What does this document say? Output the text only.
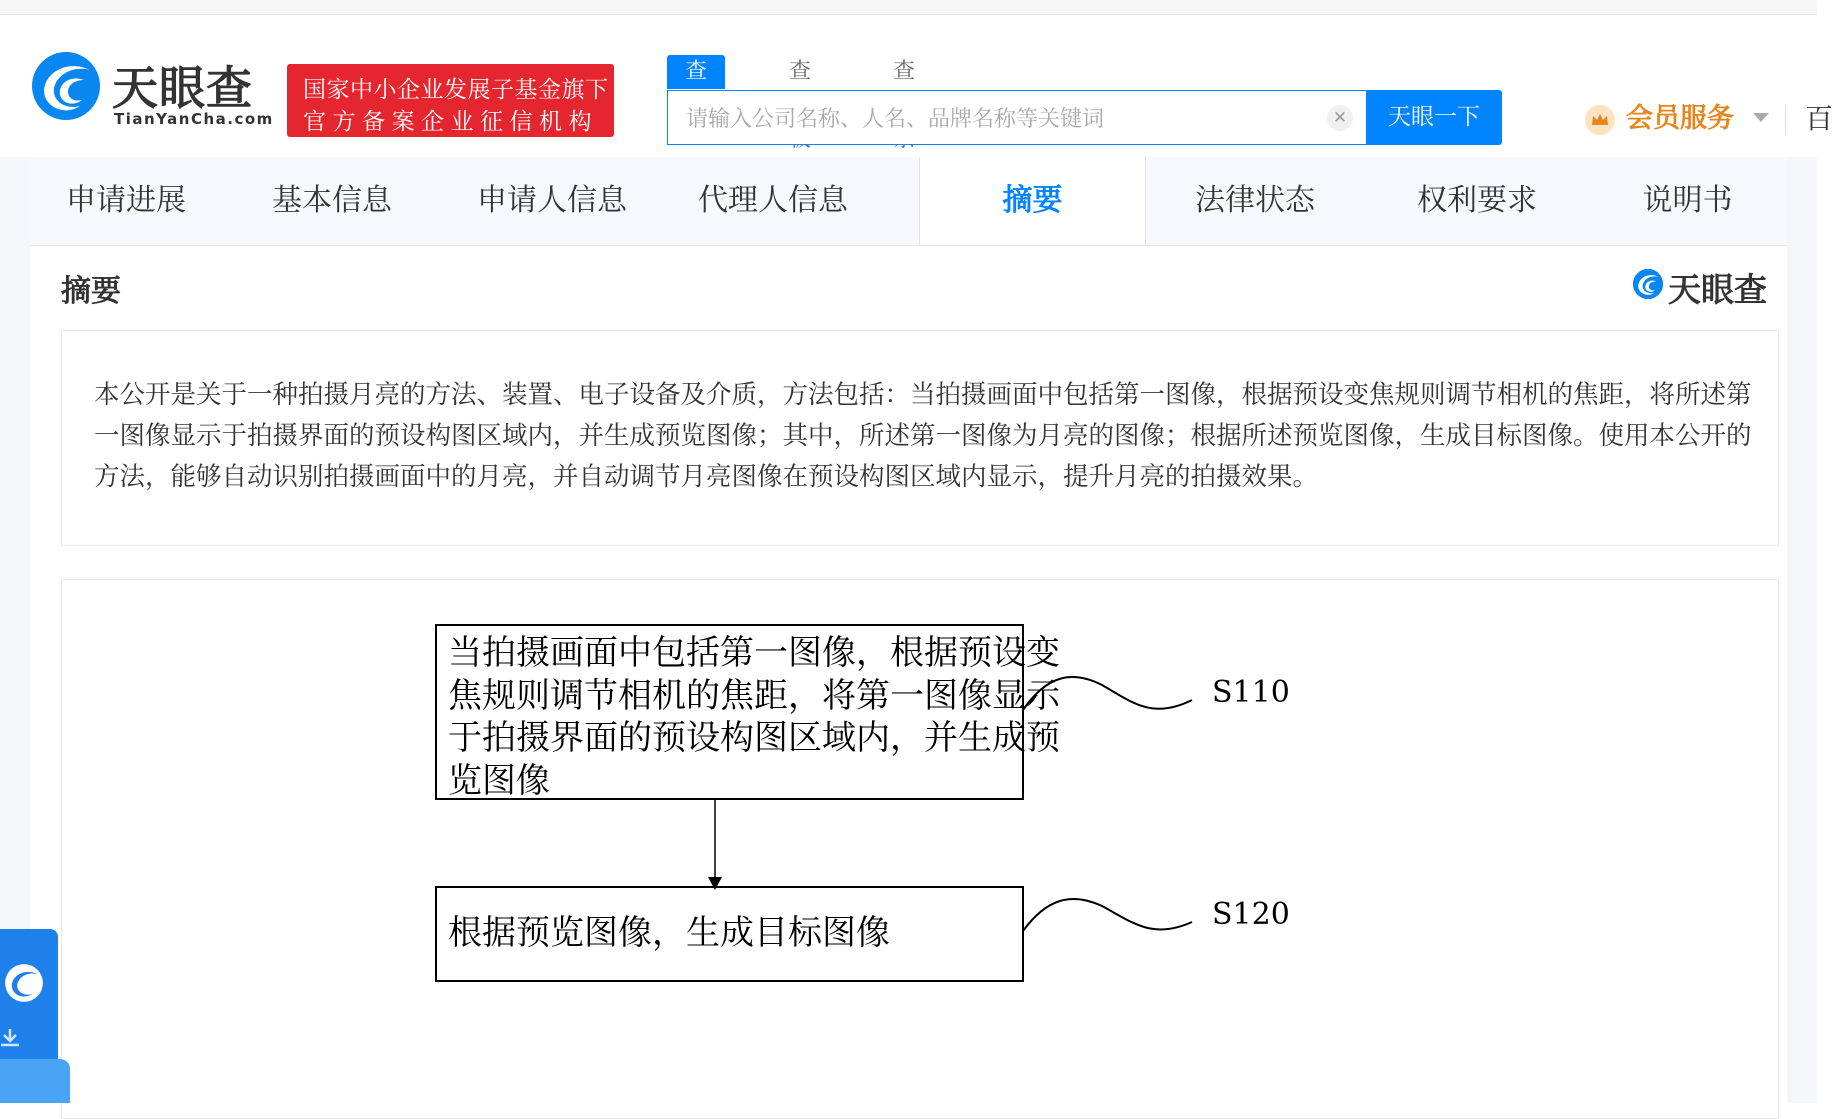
天眼查
TianYanCha.com
国家中小企业发展子基金旗下
官方备案企业征信机构
查	查	查
请输入公司名称、人名、品牌名称等关键词
✕	天眼一下	会员服务	百
申请进展	基本信息	申请人信息	代理人信息	摘要	法律状态	权利要求	说明书
摘要	天眼查

本公开是关于一种拍摄月亮的方法、装置、电子设备及介质，方法包括：当拍摄画面中包括第一图像，根据预设变焦规则调节相机的焦距，将所述第一图像显示于拍摄界面的预设构图区域内，并生成预览图像；其中，所述第一图像为月亮的图像；根据所述预览图像，生成目标图像。使用本公开的方法，能够自动识别拍摄画面中的月亮，并自动调节月亮图像在预设构图区域内显示，提升月亮的拍摄效果。

当拍摄画面中包括第一图像，根据预设变
焦规则调节相机的焦距，将第一图像显示
于拍摄界面的预设构图区域内，并生成预
览图像
S110
根据预览图像，生成目标图像	S120
